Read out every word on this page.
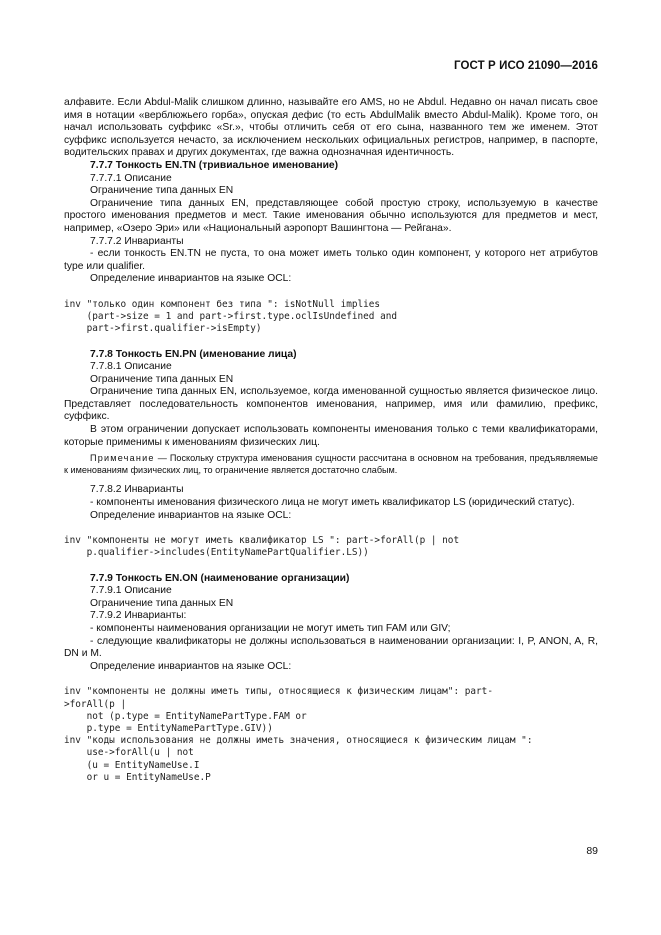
ГОСТ Р ИСО 21090—2016

алфавите. Если Abdul-Malik слишком длинно, называйте его AMS, но не Abdul. Недавно он начал писать свое имя в нотации «верблюжьего горба», опуская дефис (то есть AbdulMalik вместо Abdul-Malik). Кроме того, он начал использовать суффикс «Sr.», чтобы отличить себя от его сына, названного тем же именем. Этот суффикс используется нечасто, за исключением нескольких официальных регистров, например, в паспорте, водительских правах и других документах, где важна однозначная идентичность.

7.7.7 Тонкость EN.TN (тривиальное именование)

7.7.7.1 Описание

Ограничение типа данных EN

Ограничение типа данных EN, представляющее собой простую строку, используемую в качестве простого именования предметов и мест. Такие именования обычно используются для предметов и мест, например, «Озеро Эри» или «Национальный аэропорт Вашингтона — Рейгана».

7.7.7.2 Инварианты

- если тонкость EN.TN не пуста, то она может иметь только один компонент, у которого нет атрибутов type или qualifier.

Определение инвариантов на языке OCL:

inv "только один компонент без типа ": isNotNull implies
(part->size = 1 and part->first.type.oclIsUndefined and
part->first.qualifier->isEmpty)

7.7.8 Тонкость EN.PN (именование лица)

7.7.8.1 Описание

Ограничение типа данных EN

Ограничение типа данных EN, используемое, когда именованной сущностью является физическое лицо. Представляет последовательность компонентов именования, например, имя или фамилию, префикс, суффикс.

В этом ограничении допускает использовать компоненты именования только с теми квалификаторами, которые применимы к именованиям физических лиц.

Примечание — Поскольку структура именования сущности рассчитана в основном на требования, предъявляемые к именованиям физических лиц, то ограничение является достаточно слабым.

7.7.8.2 Инварианты

- компоненты именования физического лица не могут иметь квалификатор LS (юридический статус).

Определение инвариантов на языке OCL:

inv "компоненты не могут иметь квалификатор LS ": part->forAll(p | not
p.qualifier->includes(EntityNamePartQualifier.LS))

7.7.9 Тонкость EN.ON (наименование организации)

7.7.9.1 Описание

Ограничение типа данных EN

7.7.9.2 Инварианты:

- компоненты наименования организации не могут иметь тип FAM или GIV;

- следующие квалификаторы не должны использоваться в наименовании организации: I, P, ANON, A, R, DN и M.

Определение инвариантов на языке OCL:

inv "компоненты не должны иметь типы, относящиеся к физическим лицам": part-
>forAll(p |
not (p.type = EntityNamePartType.FAM or
p.type = EntityNamePartType.GIV))
inv "коды использования не должны иметь значения, относящиеся к физическим лицам ":
use->forAll(u | not
(u = EntityNameUse.I
or u = EntityNameUse.P
89
